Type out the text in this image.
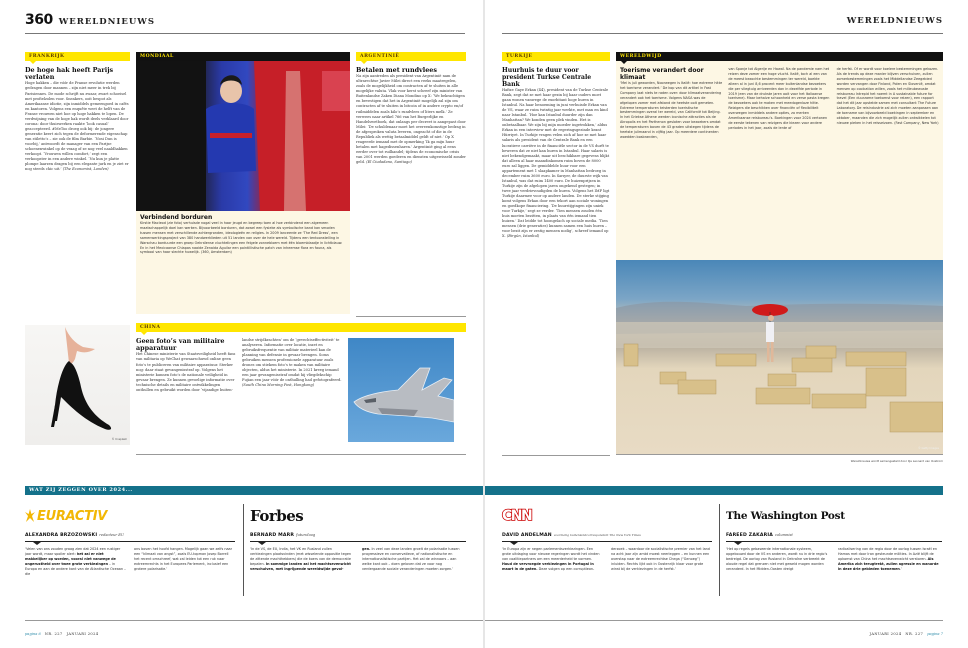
360 WERELDNIEUWS
FRANKRIJK
De hoge hak heeft Parijs verlaten
Hoge hakken – die vóór de Franse revolutie werden gedragen door mannen – zijn niet meer in trek bij Parisiennes. De mode schrijft nu zwaar, zwart schoeisel met profielzolen voor. Sneakers, ooit bespot als Amerikaanse idiotie, zijn inmiddels gemeengoed in cafés en kantoren. Volgens een enquête weet de helft van de Franse vrouwen niet hoe op hoge hakken te lopen. De verdwijning van de hoge hak wordt deels verklaard door corona: door thuiswerken raakte ‘look casual’ geaccepteerd. #MeToo droeg ook bij: de jongere generatie keert zich tegen de deformerende eigenschap van stiletto’s – zie ook de film Barbie. ‘Nosi Dun is voorbij,’ antwoordt de manager van een Parijse schoenenwinkel op de vraag of ze nog veel naaldhakken verkoopt. ‘Vrouwen willen comfort,’ zegt een verkoopster in een andere winkel. ‘Nu kun je platte plompe laarzen dragen bij een elegante jurk en je ziet er nog steeds chic uit.’ (The Economist, Londen)
© Unsplash
MONDIAAL
Verbindend borduren
Kirstie Macleod (zie foto) verhuisde nogal veel in haar jeugd en begreep toen al hoe verbindend een algemeen maatschappelijk doel kan werken. Bijvoorbeeld borduren, dat zowel een fysieke als symbolische band kan smoden tussen mensen met verschillende achtergronden, ideologieën en religies. In 2009 lanceerde ze ‘The Red Dress’, een samenwerkingsproject van 380 handwerklieden uit 51 landen van over de hele wereld. Tijdens een tentoonstelling in Warschau borduurde een groep Oekraïense vluchtelingen een felgele zonnebloem met één bloemblaadje in lichtblauw. En in het Mexicaanse Chiapas naaide Zenaida Aguilar een pointillistische patch van inheemse flora en fauna, als symbool van haar slechte huwelijk. (360, Amsterdam)
ARGENTINIË
Betalen met rundvlees
Na zijn aantreden als president van Argentinië nam de ultrarechtse Javier Milei direct een reeks maatregelen, zoals de mogelijkheid om contracten af te sluiten in alle mogelijke valuta. Vlak voor kerst schreef zijn minister van Buitenlandse Zaken Diana Mondino op X: ‘We bekrachtigen en bevestigen dat het in Argentinië mogelijk zal zijn om contracten af te sluiten in bitcoin of in andere crypto en/of ruilmiddelen zoals kilo’s rundvlees of liters melk.’ Ze verwees naar artikel 766 van het Burgerlijke en Handelswetboek, dat onlangs per decreet is aangepast door Milei: ‘De schuldenaar moet het overeenkomstige bedrag in de afgesproken valuta leveren, ongeacht of die in de Republiek als wettig betaalmiddel geldt of niet.’ Op X reageerde iemand met de opmerking ‘Ik ga mijn huur betalen met hagedissenharen.’ Argentinië ging al eens eerder over tot ruilhandel; tijdens de economische crisis van 2001 werden goederen en diensten uitgewisseld zonder geld. (El Ciudadano, Santiago)
CHINA
Geen foto’s van militaire apparatuur
Het Chinese ministerie van Staatsveiligheid heeft fans van militaria op WeChat gewaarschuwd online geen foto’s te publiceren van militaire apparatuur. Sterker nog: daar staat gevangenisstraf op. Volgens het ministerie kunnen foto’s de nationale veiligheid in gevaar brengen. Ze kunnen gevoelige informatie over technische details en militaire ontwikkelingen onthullen en gebruikt worden door ‘vijandige buiten-
landse strijdkrachten’ om de ‘gevechtseffectiviteit’ te analyseren. Informatie over locatie, inzet en gebruiksfrequentie van militair materieel kan de planning van defensie in gevaar brengen. Soms gebruiken mensen professionele apparatuur zoals drones om stiekem foto’s te maken van militaire objecten, aldus het ministerie. In 2021 kreeg iemand een jaar gevangenisstraf omdat hij vliegdekschip Fujian een jaar vóór de onthulling had gefotografeerd. (South China Morning Post, Hongkong)
pagina 6 NR. 227 JANUARI 2024
WERELDNIEUWS
TURKIJE
Huurhuis te duur voor president Turkse Centrale Bank
Hafize Gaye Erkan (44), president van de Turkse Centrale Bank, zegt dat ze met haar gezin bij haar ouders moet gaan wonen vanwege de exorbitant hoge huren in Istanbul. Na haar benoeming in juni verhuisde Erkan van de VS, waar ze ruim twintig jaar werkte, met man en kind naar Istanbul. ‘Hoe kan Istanbul duurder zijn dan Manhattan? We konden geen plek vinden. Het is onbetaalbaar. We zijn bij mijn moeder ingetrokken,’ aldus Erkan in een interview met de regeringsgezinde krant Hürriyet. In Turkije vragen velen zich af hoe ze met haar salaris als president van de Centrale Bank en een lucratieve carrière in de financiële sector in de VS durft te beweren dat ze niet kan huren in Istanbul. Haar salaris is niet bekendgemaakt, maar uit beschikbare gegevens blijkt dat alleen al haar maandinkomen ruim boven de 8000 euro zal liggen. De gemiddelde huur voor een appartement met 1 slaapkamer in Manhattan bedroeg in december ruim 3600 euro. In Sarıyer, de duurste wijk van Istanbul, was dat ruim 1400 euro. De huizenprijzen in Turkije zijn de afgelopen jaren ongekend gestegen; in twee jaar verdrievoudigden de huren. Volgens het IMF ligt Turkije daarmee voor op andere landen. De sterke stijging komt volgens Erkan door een tekort aan sociale woningen en goedkope financiering. ‘De huurstijgingen zijn uniek voor Turkije,’ zegt ze verder. ‘Tien mensen zouden één huis moeten bezitten, in plaats van één iemand tien huizen.’ Dat leidde tot hoongelach op sociale media. ‘Tien mensen (drie generaties) kunnen samen een huis huren – voor bezit zijn er zestig mensen nodig’, schreef iemand op X. (Birgün, Istanbul)
WERELDWIJD
Toerisme verandert door klimaat
‘Mei is juli geworden, Noorwegen is Italië: hoe extreme hitte het toerisme verandert.’ De kop van dit artikel in Fast Company laat niets te raden over: door klimaatverandering verandert ook het toerisme. Volgens NASA was de afgelopen zomer met afstand de heetste ooit gemeten. Extreme temperaturen teisterden toeristische bestemmingen overal ter wereld, van Californië tot Beijing. In het Griekse Athene werden iconische attracties als de Akropolis en het Parthenon gesloten voor bezoekers omdat de temperaturen boven de 43 graden uitstegen tijdens de heetste julimaand in vijftig jaar. Op meerdere continenten woedden bosbranden,
van Spanje tot Algerije en Hawaï. Na de pandemie nam het reizen deze zomer een hoge vlucht. Italië, toch al een van de meest bezochte bestemmingen ter wereld, boekte alleen al in juni 8,6 procent meer buitenlandse bezoekers die per vliegtuig arriveerden dan in dezelfde periode in 2019 (een van de drukste jaren ooit voor het Italiaanse toerisme). Maar behalve schoonheid en verse pasta kregen de bezoekers ook te maken met meedogenloze hitte. Reizigers die beschikken over financiën of flexibiliteit overwegen inmiddels andere opties, zo merken Amerikaanse reisbureau’s. Boekingen voor 2024 vertonen de eerste tekenen van reizigers die kiezen voor andere periodes in het jaar, zoals de lente of
de herfst. Of er wordt voor koelere bestemmingen gekozen. Als de trends op deze manier blijven verschuiven, zullen zomerbestemmingen zoals het Middellandse Zeegebied worden vervangen door Finland, Polen en Slovenië, omdat mensen op coolcation willen, zoals het milieubewuste reisbureau Intrepid het noemt in A sustainable future for travel (Een duurzame toekomst voor reizen), een rapport dat het dit jaar opstelde samen met consultant The Future Laboratory. De reisindustrie zal zich moeten aanpassen aan de toename van bijvoorbeeld boekingen in september en oktober, maanden die zich mogelijk zullen ontwikkelen tot nieuwe pieken in het reisseizoen. (Fast Company, New York)
© Getty Images
Wereldnieuws wordt samengesteld door Ilja Leonard van Oostrom
JANUARI 2024 NR. 227 pagina 7
WAT ZIJ ZEGGEN OVER 2024...
EURACTIV
ALEXANDRA BRZOZOWSKI redacteur EU
‘Velen van ons zouden graag zien dat 2024 een rustiger jaar wordt, maar spoiler alert: het zal er niet makkelijker op worden, vooral niet vanwege de ongerustheid over twee grote verkiezingen – in Europa en aan de andere kant van de Atlantische Oceaan – die
ons boven het hoofd hangen. Mogelijk gaan we zelfs naar een “klimaat van angst”, zoals EU-topman Josep Borrell het recent omschreef, wat zal leiden tot een ruk naar extreemrechts in het Europees Parlement, inclusief een grotere polarisatie.’
Forbes
BERNARD MARR futuroloog
‘In de VS, de EU, India, het VK en Rusland zullen verkiezingen plaatsvinden (met wisselende oppositie tegen de zittende machthebbers) die de koers van de democratie bepalen. In sommige landen zal het machtsevenwicht verschuiven, met ingrijpende wereldwijde gevol-
gen. In veel van deze landen groeit de polarisatie tussen progressieve en conservatieve, of nationalistische en internationalistische partijen. Het zal de winnaars – aan welke kant ook – doen geloven dat ze voor nog verdergaande sociale veranderingen moeten zorgen.’
CNN
DAVID ANDELMAN voormalig buitenlandcorrespondent The New York Times
‘In Europa zijn er negen parlementsverkiezingen. Een grote uitdaging voor nieuwe regeringen wordt het vinden van coalitiepartners om een meerderheid te vormen. Houd de vervroegde verkiezingen in Portugal in maart in de gaten. Deze volgen op een corruptieon-
derzoek – waardoor de socialistische premier van het land na acht jaar zijn ambt moest neerleggen – en kunnen een overstap naar de extreemrechtse Chega (“Genoeg”) inluiden. Rechts lijkt ook in Oostenrijk klaar voor grote winst bij de verkiezingen in de herfst.’
The Washington Post
FAREED ZAKARIA columnist
‘Het op regels gebaseerde internationale systeem, opgebouwd door de VS en anderen, wordt nu in drie regio’s bedreigd. De oorlog van Rusland in Oekraïne verbreekt de aloude regel dat grenzen niet met geweld mogen worden veranderd. In het Midden-Oosten dreigt
radicalisering van de regio door de oorlog tussen Israël en Hamas met door Iran gesteunde milities. In Azië blijft de opkomst van China het machtsevenwicht verstoren. Als Amerika zich terugtrekt, zullen agressie en wanorde in deze drie gebieden toenemen.’
